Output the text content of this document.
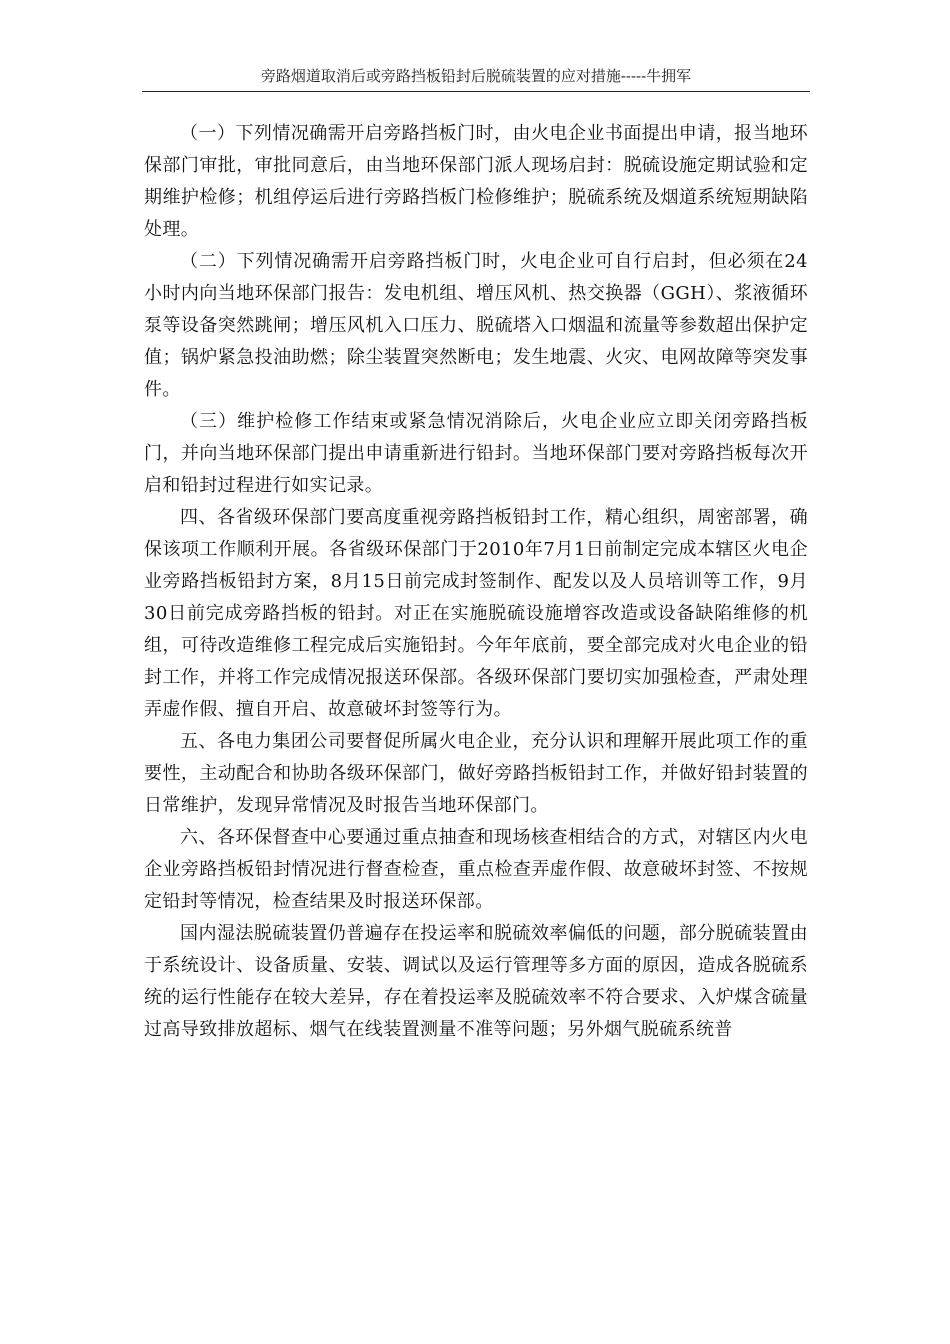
旁路烟道取消后或旁路挡板铅封后脱硫装置的应对措施-----牛拥军

（一）下列情况确需开启旁路挡板门时，由火电企业书面提出申请，报当地环保部门审批，审批同意后，由当地环保部门派人现场启封：脱硫设施定期试验和定期维护检修；机组停运后进行旁路挡板门检修维护；脱硫系统及烟道系统短期缺陷处理。

（二）下列情况确需开启旁路挡板门时，火电企业可自行启封，但必须在24小时内向当地环保部门报告：发电机组、增压风机、热交换器（GGH）、浆液循环泵等设备突然跳闸；增压风机入口压力、脱硫塔入口烟温和流量等参数超出保护定值；锅炉紧急投油助燃；除尘装置突然断电；发生地震、火灾、电网故障等突发事件。

（三）维护检修工作结束或紧急情况消除后，火电企业应立即关闭旁路挡板门，并向当地环保部门提出申请重新进行铅封。当地环保部门要对旁路挡板每次开启和铅封过程进行如实记录。

四、各省级环保部门要高度重视旁路挡板铅封工作，精心组织，周密部署，确保该项工作顺利开展。各省级环保部门于2010年7月1日前制定完成本辖区火电企业旁路挡板铅封方案，8月15日前完成封签制作、配发以及人员培训等工作，9月30日前完成旁路挡板的铅封。对正在实施脱硫设施增容改造或设备缺陷维修的机组，可待改造维修工程完成后实施铅封。今年年底前，要全部完成对火电企业的铅封工作，并将工作完成情况报送环保部。各级环保部门要切实加强检查，严肃处理弄虚作假、擅自开启、故意破坏封签等行为。

五、各电力集团公司要督促所属火电企业，充分认识和理解开展此项工作的重要性，主动配合和协助各级环保部门，做好旁路挡板铅封工作，并做好铅封装置的日常维护，发现异常情况及时报告当地环保部门。

六、各环保督查中心要通过重点抽查和现场核查相结合的方式，对辖区内火电企业旁路挡板铅封情况进行督查检查，重点检查弄虚作假、故意破坏封签、不按规定铅封等情况，检查结果及时报送环保部。

国内湿法脱硫装置仍普遍存在投运率和脱硫效率偏低的问题，部分脱硫装置由于系统设计、设备质量、安装、调试以及运行管理等多方面的原因，造成各脱硫系统的运行性能存在较大差异，存在着投运率及脱硫效率不符合要求、入炉煤含硫量过高导致排放超标、烟气在线装置测量不准等问题；另外烟气脱硫系统普
